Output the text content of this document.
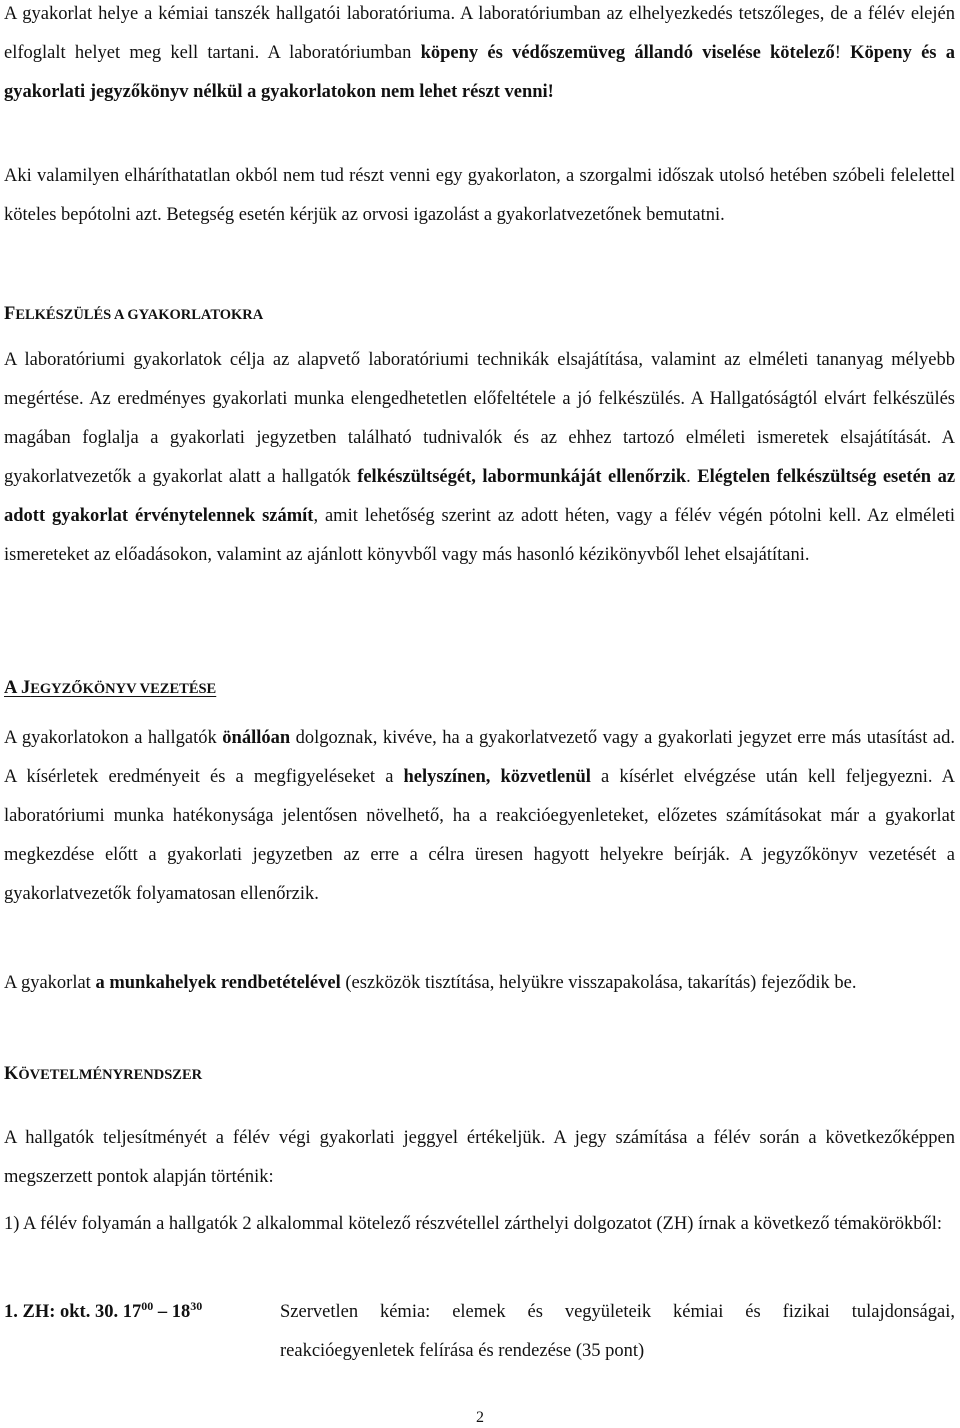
A gyakorlat helye a kémiai tanszék hallgatói laboratóriuma. A laboratóriumban az elhelyezkedés tetszőleges, de a félév elején elfoglalt helyet meg kell tartani. A laboratóriumban köpeny és védőszemüveg állandó viselése kötelező! Köpeny és a gyakorlati jegyzőkönyv nélkül a gyakorlatokon nem lehet részt venni!

Aki valamilyen elháríthatatlan okból nem tud részt venni egy gyakorlaton, a szorgalmi időszak utolsó hetében szóbeli felelettel köteles bepótolni azt. Betegség esetén kérjük az orvosi igazolást a gyakorlatvezetőnek bemutatni.

FELKÉSZÜLÉS A GYAKORLATOKRA

A laboratóriumi gyakorlatok célja az alapvető laboratóriumi technikák elsajátítása, valamint az elméleti tananyag mélyebb megértése. Az eredményes gyakorlati munka elengedhetetlen előfeltétele a jó felkészülés. A Hallgatóságtól elvárt felkészülés magában foglalja a gyakorlati jegyzetben található tudnivalók és az ehhez tartozó elméleti ismeretek elsajátítását. A gyakorlatvezetők a gyakorlat alatt a hallgatók felkészültségét, labormunkáját ellenőrzik. Elégtelen felkészültség esetén az adott gyakorlat érvénytelennek számít, amit lehetőség szerint az adott héten, vagy a félév végén pótolni kell. Az elméleti ismereteket az előadásokon, valamint az ajánlott könyvből vagy más hasonló kézikönyvből lehet elsajátítani.

A JEGYZŐKÖNYV VEZETÉSE

A gyakorlatokon a hallgatók önállóan dolgoznak, kivéve, ha a gyakorlatvezető vagy a gyakorlati jegyzet erre más utasítást ad. A kísérletek eredményeit és a megfigyeléseket a helyszínen, közvetlenül a kísérlet elvégzése után kell feljegyezni. A laboratóriumi munka hatékonysága jelentősen növelhető, ha a reakcióegyenleteket, előzetes számításokat már a gyakorlat megkezdése előtt a gyakorlati jegyzetben az erre a célra üresen hagyott helyekre beírják. A jegyzőkönyv vezetését a gyakorlatvezetők folyamatosan ellenőrzik.

A gyakorlat a munkahelyek rendbetételével (eszközök tisztítása, helyükre visszapakolása, takarítás) fejeződik be.

KÖVETELMÉNYRENDSZER

A hallgatók teljesítményét a félév végi gyakorlati jeggyel értékeljük. A jegy számítása a félév során a következőképpen megszerzett pontok alapján történik:

1) A félév folyamán a hallgatók 2 alkalommal kötelező részvétellel zárthelyi dolgozatot (ZH) írnak a következő témakörökből:

1. ZH: okt. 30. $17^{00} - 18^{30}$	Szervetlen kémia: elemek és vegyületeik kémiai és fizikai tulajdonságai, reakcióegyenletek felírása és rendezése (35 pont)
2
